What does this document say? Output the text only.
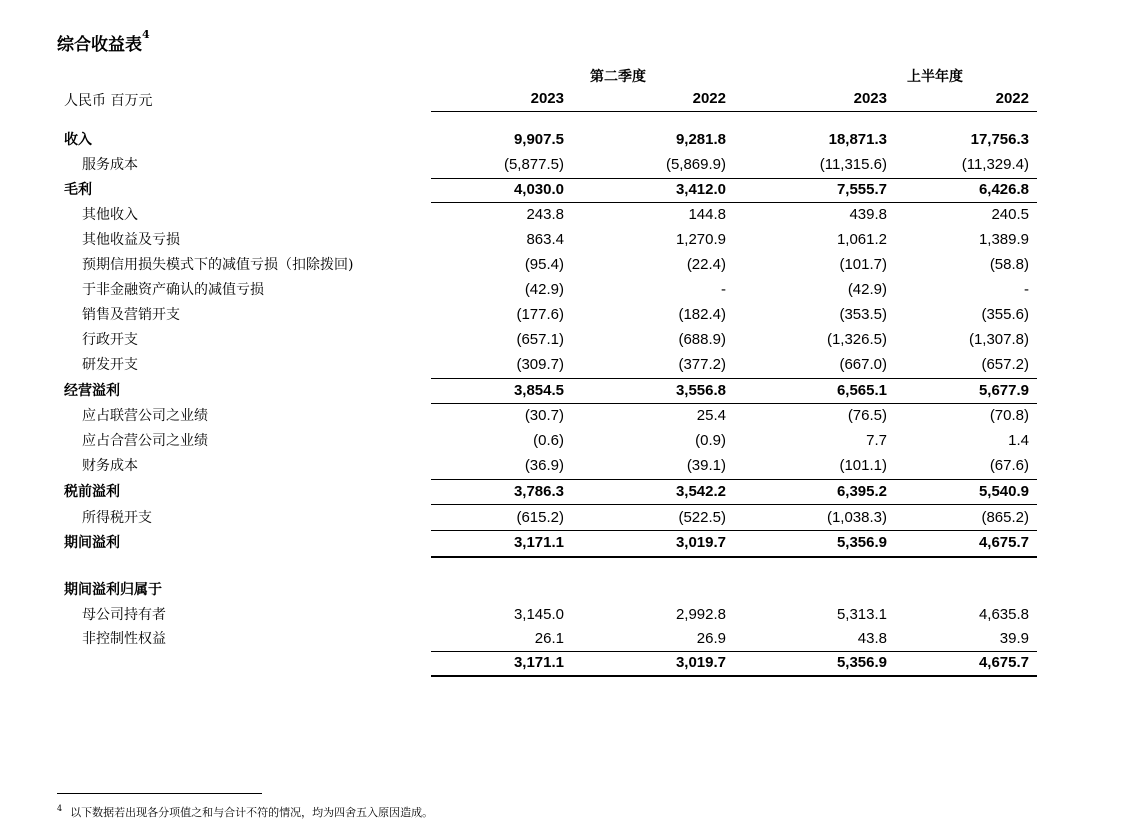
综合收益表$^4$
第二季度	上半年度
人民币 百万元	2023	2022	2023	2022
收入	9,907.5	9,281.8	18,871.3	17,756.3
服务成本	(5,877.5)	(5,869.9)	(11,315.6)	(11,329.4)
毛利	4,030.0	3,412.0	7,555.7	6,426.8
其他收入	243.8	144.8	439.8	240.5
其他收益及亏损	863.4	1,270.9	1,061.2	1,389.9
预期信用损失模式下的减值亏损（扣除拨回)	(95.4)	(22.4)	(101.7)	(58.8)
于非金融资产确认的减值亏损	(42.9)	-	(42.9)	-
销售及营销开支	(177.6)	(182.4)	(353.5)	(355.6)
行政开支	(657.1)	(688.9)	(1,326.5)	(1,307.8)
研发开支	(309.7)	(377.2)	(667.0)	(657.2)
经营溢利	3,854.5	3,556.8	6,565.1	5,677.9
应占联营公司之业绩	(30.7)	25.4	(76.5)	(70.8)
应占合营公司之业绩	(0.6)	(0.9)	7.7	1.4
财务成本	(36.9)	(39.1)	(101.1)	(67.6)
税前溢利	3,786.3	3,542.2	6,395.2	5,540.9
所得税开支	(615.2)	(522.5)	(1,038.3)	(865.2)
期间溢利	3,171.1	3,019.7	5,356.9	4,675.7
期间溢利归属于
母公司持有者	3,145.0	2,992.8	5,313.1	4,635.8
非控制性权益	26.1	26.9	43.8	39.9
3,171.1	3,019.7	5,356.9	4,675.7
$^4$ 以下数据若出现各分项值之和与合计不符的情况，均为四舍五入原因造成。
